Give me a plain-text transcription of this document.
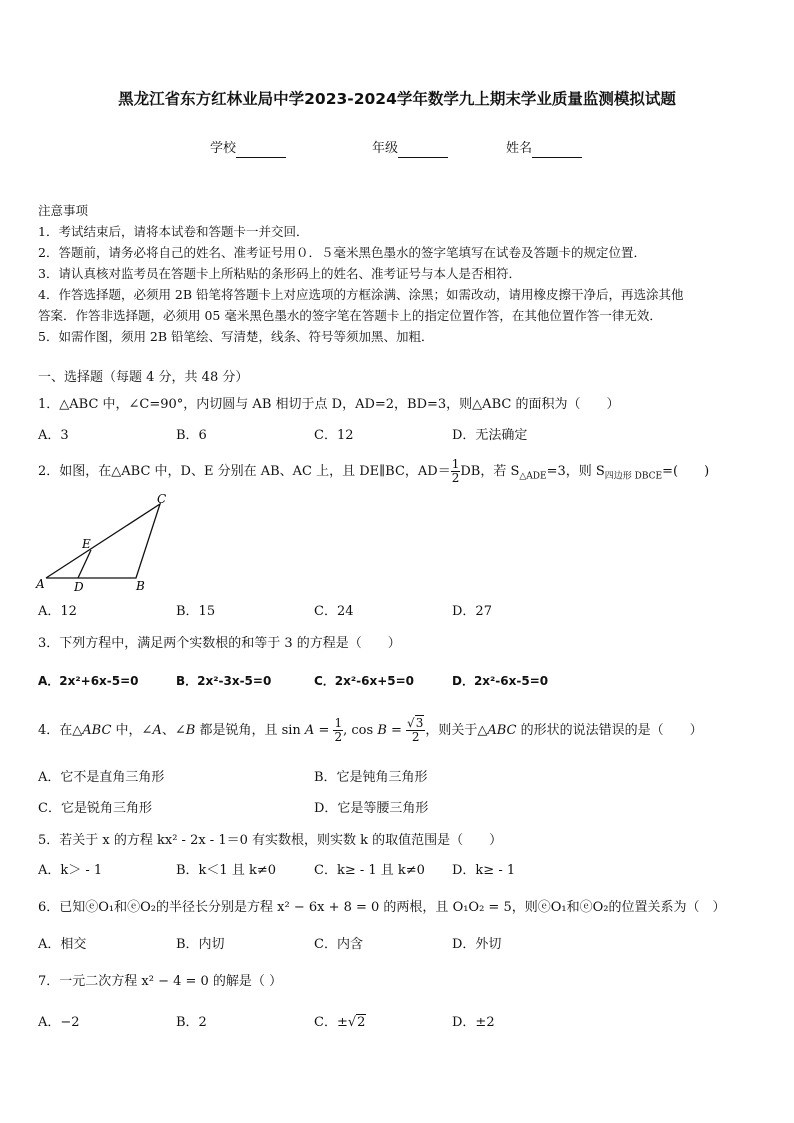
黑龙江省东方红林业局中学2023-2024学年数学九上期末学业质量监测模拟试题
学校	年级	姓名
注意事项
1．考试结束后，请将本试卷和答题卡一并交回．
2．答题前，请务必将自己的姓名、准考证号用０．５毫米黑色墨水的签字笔填写在试卷及答题卡的规定位置．
3．请认真核对监考员在答题卡上所粘贴的条形码上的姓名、准考证号与本人是否相符．
4．作答选择题，必须用 2B 铅笔将答题卡上对应选项的方框涂满、涂黑；如需改动，请用橡皮擦干净后，再选涂其他
答案．作答非选择题，必须用 05 毫米黑色墨水的签字笔在答题卡上的指定位置作答，在其他位置作答一律无效．
5．如需作图，须用 2B 铅笔绘、写清楚，线条、符号等须加黑、加粗．
一、选择题（每题 4 分，共 48 分）
1．△ABC 中，∠C=90°，内切圆与 AB 相切于点 D，AD=2，BD=3，则△ABC 的面积为（　　）
A．3	B．6	C．12	D．无法确定
2．如图，在△ABC 中，D、E 分别在 AB、AC 上，且 DE∥BC，$AD= \frac{1}{2}$ DB，若 $S_{\triangle ADE}=3$，则 $S_{四边形 DBCE}=$(　　)
A D	B
E
C
A．12	B．15	C．24	D．27
3．下列方程中，满足两个实数根的和等于 3 的方程是（　　）
A．2x²+6x-5=0	B．2x²-3x-5=0	C．2x²-6x+5=0	D．2x²-6x-5=0
4．在△ABC 中，∠A、∠B 都是锐角，且 $\sin A = \frac{1}{2}$ , $\cos B = \frac{√3}{2}$ ，则关于△ABC 的形状的说法错误的是（　　）
A．它不是直角三角形	B．它是钝角三角形
C．它是锐角三角形	D．它是等腰三角形
5．若关于 x 的方程 kx² - 2x - 1＝0 有实数根，则实数 k 的取值范围是（　　）
A．k＞ - 1	B．k＜1 且 k≠0	C．k≥ - 1 且 k≠0 D．k≥ - 1
6．已知ⓔO₁和ⓔO₂的半径长分别是方程 x² − 6x + 8 = 0 的两根，且 O₁O₂ = 5，则ⓔO₁和ⓔO₂的位置关系为（　）
A．相交	B．内切	C．内含	D．外切
7．一元二次方程 x² − 4 = 0 的解是（ ）
A．−2	B．2	C．±√2	D．±2
